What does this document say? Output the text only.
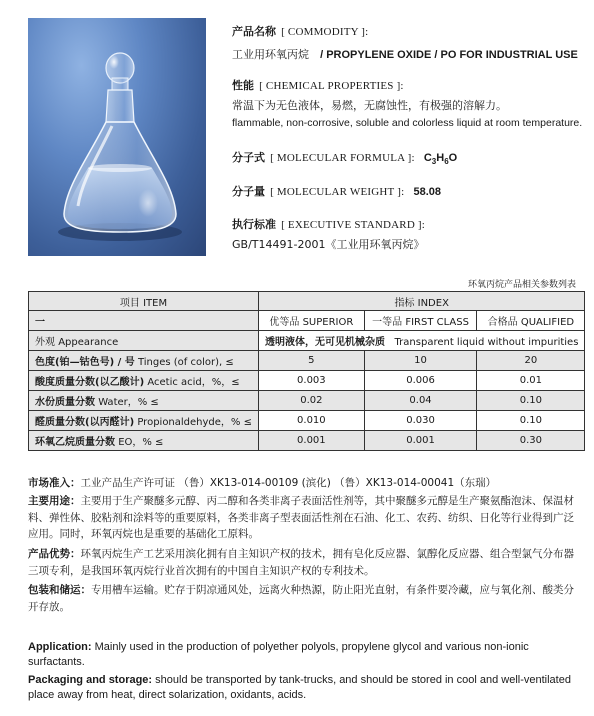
产品名称 [ COMMODITY ]:
工业用环氧丙烷 / PROPYLENE OXIDE / PO FOR INDUSTRIAL USE
性能 [ CHEMICAL PROPERTIES ]:
常温下为无色液体，易燃，无腐蚀性，有极强的溶解力。
flammable, non-corrosive, soluble and colorless liquid at room temperature.
分子式 [ MOLECULAR FORMULA ]: $C_3H_6O$
分子量 [ MOLECULAR WEIGHT ]: 58.08
执行标准 [ EXECUTIVE STANDARD ]:
GB/T14491-2001《工业用环氧丙烷》
环氧丙烷产品相关参数列表
项目 ITEM	指标 INDEX		
一	优等品 SUPERIOR	一等品 FIRST CLASS	合格品 QUALIFIED
外观 Appearance	透明液体，无可见机械杂质 Transparent liquid without impurities		
色度(铂—钴色号) / 号 Tinges (of color), ≤	5	10	20
酸度质量分数(以乙酸计) Acetic acid，%，≤	0.003	0.006	0.01
水份质量分数 Water，% ≤	0.02	0.04	0.10
醛质量分数(以丙醛计) Propionaldehyde，% ≤	0.010	0.030	0.10
环氧乙烷质量分数 EO，% ≤	0.001	0.001	0.30
市场准入：工业产品生产许可证 （鲁）XK13-014-00109 (滨化) （鲁）XK13-014-00041（东瑞）
主要用途：主要用于生产聚醚多元醇、丙二醇和各类非离子表面活性剂等，其中聚醚多元醇是生产聚氨酯泡沫、保温材料、弹性体、胶粘剂和涂料等的重要原料，各类非离子型表面活性剂在石油、化工、农药、纺织、日化等行业得到广泛应用。同时，环氧丙烷也是重要的基础化工原料。
产品优势：环氧丙烷生产工艺采用滨化拥有自主知识产权的技术，拥有皂化反应器、氯醇化反应器、组合型氯气分布器三项专利，是我国环氧丙烷行业首次拥有的中国自主知识产权的专利技术。
包装和储运：专用槽车运输。贮存于阴凉通风处，远离火种热源，防止阳光直射，有条件要冷藏，应与氧化剂、酸类分开存放。
Application: Mainly used in the production of polyether polyols, propylene glycol and various non-ionic surfactants.
Packaging and storage: should be transported by tank-trucks, and should be stored in cool and well-ventilated place away from heat, direct solarization, oxidants, acids.
